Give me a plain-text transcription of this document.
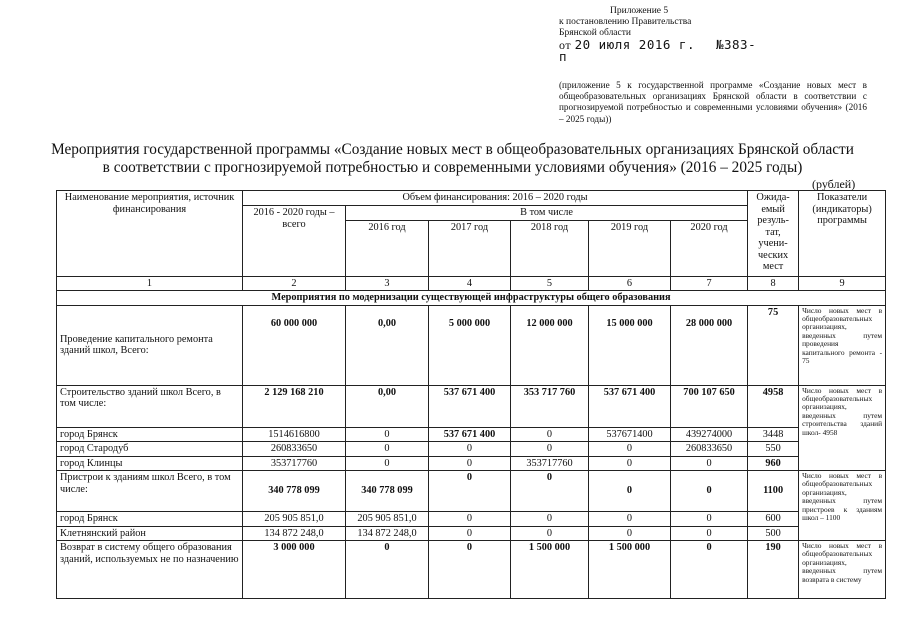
Приложение 5
к постановлению Правительства
Брянской области
от 20 июля 2016 г. №383-п
(приложение 5 к государственной программе «Создание новых мест в общеобразовательных организациях Брянской области в соответствии с прогнозируемой потребностью и современными условиями обучения» (2016 – 2025 годы))
Мероприятия государственной программы «Создание новых мест в общеобразовательных организациях Брянской области
в соответствии с прогнозируемой потребностью и современными условиями обучения» (2016 – 2025 годы)
(рублей)
Наименование мероприятия, источник финансирования	Объем финансирования: 2016 – 2020 годы						Ожида-емый резуль-тат, учени-ческих мест	Показатели (индикаторы) программы
	2016 - 2020 годы – всего	В том числе						
		2016 год	2017 год	2018 год	2019 год	2020 год		
1	2	3	4	5	6	7	8	9
Мероприятия по модернизации существующей инфраструктуры общего образования								
Проведение капитального ремонта зданий школ, Всего:	60 000 000	0,00	5 000 000	12 000 000	15 000 000	28 000 000	75	Число новых мест в общеобразовательных организациях, введенных путем проведения капитального ремонта - 75
Строительство зданий школ Всего, в том числе:	2 129 168 210	0,00	537 671 400	353 717 760	537 671 400	700 107 650	4958	Число новых мест в общеобразовательных организациях, введенных путем строительства зданий школ- 4958
город Брянск	1514616800	0	537 671 400	0	537671400	439274000	3448	
город Стародуб	260833650	0	0	0	0	260833650	550	
город Клинцы	353717760	0	0	353717760	0	0	960	
Пристрои к зданиям школ Всего, в том числе:	340 778 099	340 778 099	0	0	0	0	1100	Число новых мест в общеобразовательных организациях, введенных путем пристроев к зданиям школ – 1100
город Брянск	205 905 851,0	205 905 851,0	0	0	0	0	600	
Клетнянский район	134 872 248,0	134 872 248,0	0	0	0	0	500	
Возврат в систему общего образования зданий, используемых не по назначению	3 000 000	0	0	1 500 000	1 500 000	0	190	Число новых мест в общеобразовательных организациях, введенных путем возврата в систему
